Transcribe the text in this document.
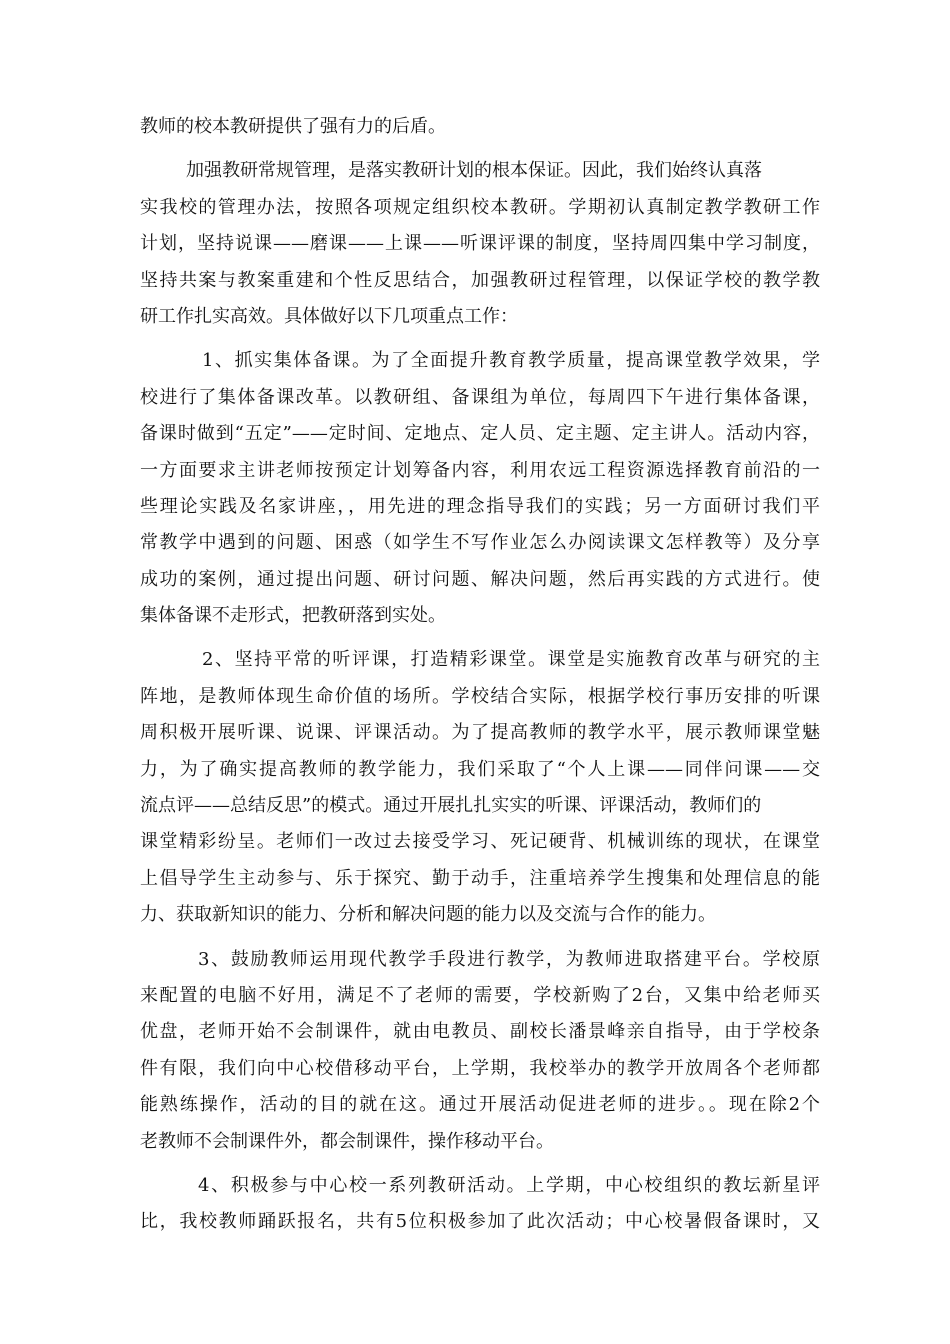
教师的校本教研提供了强有力的后盾。
加强教研常规管理，是落实教研计划的根本保证。因此，我们始终认真落
实我校的管理办法，按照各项规定组织校本教研。学期初认真制定教学教研工作
计划，坚持说课——磨课——上课——听课评课的制度，坚持周四集中学习制度，
坚持共案与教案重建和个性反思结合，加强教研过程管理，以保证学校的教学教
研工作扎实高效。具体做好以下几项重点工作：
1、抓实集体备课。为了全面提升教育教学质量，提高课堂教学效果，学
校进行了集体备课改革。以教研组、备课组为单位，每周四下午进行集体备课，
备课时做到“五定”——定时间、定地点、定人员、定主题、定主讲人。活动内容，
一方面要求主讲老师按预定计划筹备内容，利用农远工程资源选择教育前沿的一
些理论实践及名家讲座，，用先进的理念指导我们的实践；另一方面研讨我们平
常教学中遇到的问题、困惑（如学生不写作业怎么办阅读课文怎样教等）及分享
成功的案例，通过提出问题、研讨问题、解决问题，然后再实践的方式进行。使
集体备课不走形式，把教研落到实处。
2、坚持平常的听评课，打造精彩课堂。课堂是实施教育改革与研究的主
阵地，是教师体现生命价值的场所。学校结合实际，根据学校行事历安排的听课
周积极开展听课、说课、评课活动。为了提高教师的教学水平，展示教师课堂魅
力，为了确实提高教师的教学能力，我们采取了“个人上课——同伴问课——交
流点评——总结反思”的模式。通过开展扎扎实实的听课、评课活动，教师们的
课堂精彩纷呈。老师们一改过去接受学习、死记硬背、机械训练的现状，在课堂
上倡导学生主动参与、乐于探究、勤于动手，注重培养学生搜集和处理信息的能
力、获取新知识的能力、分析和解决问题的能力以及交流与合作的能力。
3、鼓励教师运用现代教学手段进行教学，为教师进取搭建平台。学校原
来配置的电脑不好用，满足不了老师的需要，学校新购了2台，又集中给老师买
优盘，老师开始不会制课件，就由电教员、副校长潘景峰亲自指导，由于学校条
件有限，我们向中心校借移动平台，上学期，我校举办的教学开放周各个老师都
能熟练操作，活动的目的就在这。通过开展活动促进老师的进步。。现在除2个
老教师不会制课件外，都会制课件，操作移动平台。
4、积极参与中心校一系列教研活动。上学期，中心校组织的教坛新星评
比，我校教师踊跃报名，共有5位积极参加了此次活动；中心校暑假备课时，又
